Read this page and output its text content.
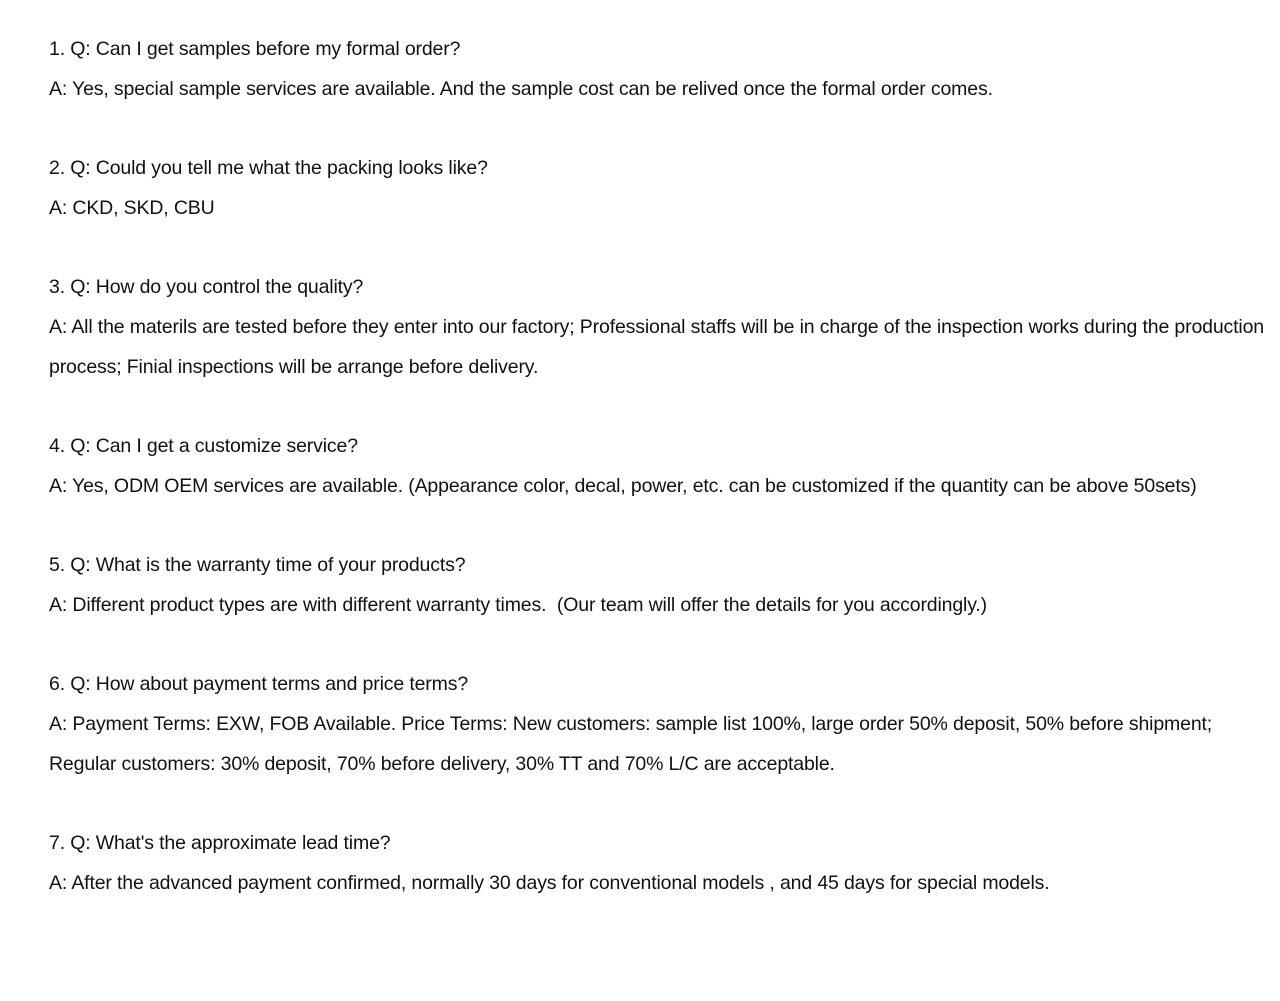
1. Q: Can I get samples before my formal order?

A: Yes, special sample services are available. And the sample cost can be relived once the formal order comes.

2. Q: Could you tell me what the packing looks like?

A: CKD, SKD, CBU

3. Q: How do you control the quality?

A: All the materils are tested before they enter into our factory; Professional staffs will be in charge of the inspection works during the production process; Finial inspections will be arrange before delivery.

4. Q: Can I get a customize service?

A: Yes, ODM OEM services are available. (Appearance color, decal, power, etc. can be customized if the quantity can be above 50sets)

5. Q: What is the warranty time of your products?

A: Different product types are with different warranty times.  (Our team will offer the details for you accordingly.)

6. Q: How about payment terms and price terms?

A: Payment Terms: EXW, FOB Available. Price Terms: New customers: sample list 100%, large order 50% deposit, 50% before shipment; Regular customers: 30% deposit, 70% before delivery, 30% TT and 70% L/C are acceptable.

7. Q: What's the approximate lead time?

A: After the advanced payment confirmed, normally 30 days for conventional models , and 45 days for special models.
